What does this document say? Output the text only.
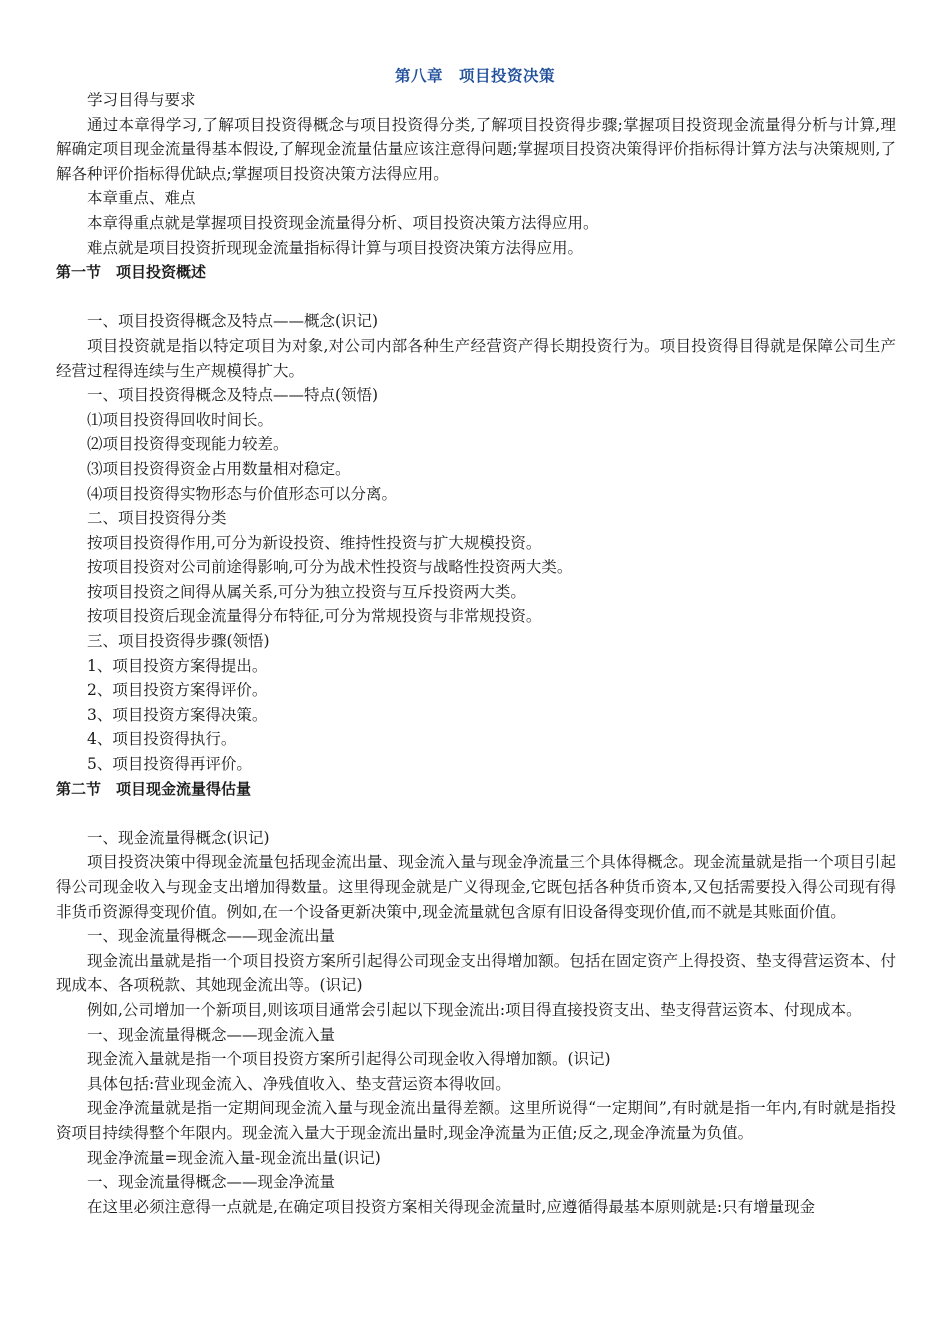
第八章　项目投资决策

学习目得与要求

通过本章得学习,了解项目投资得概念与项目投资得分类,了解项目投资得步骤;掌握项目投资现金流量得分析与计算,理解确定项目现金流量得基本假设,了解现金流量估量应该注意得问题;掌握项目投资决策得评价指标得计算方法与决策规则,了解各种评价指标得优缺点;掌握项目投资决策方法得应用。

本章重点、难点

本章得重点就是掌握项目投资现金流量得分析、项目投资决策方法得应用。

难点就是项目投资折现现金流量指标得计算与项目投资决策方法得应用。

第一节　项目投资概述

一、项目投资得概念及特点——概念(识记)

项目投资就是指以特定项目为对象,对公司内部各种生产经营资产得长期投资行为。项目投资得目得就是保障公司生产经营过程得连续与生产规模得扩大。

一、项目投资得概念及特点——特点(领悟)

⑴项目投资得回收时间长。

⑵项目投资得变现能力较差。

⑶项目投资得资金占用数量相对稳定。

⑷项目投资得实物形态与价值形态可以分离。

二、项目投资得分类

按项目投资得作用,可分为新设投资、维持性投资与扩大规模投资。

按项目投资对公司前途得影响,可分为战术性投资与战略性投资两大类。

按项目投资之间得从属关系,可分为独立投资与互斥投资两大类。

按项目投资后现金流量得分布特征,可分为常规投资与非常规投资。

三、项目投资得步骤(领悟)

1、项目投资方案得提出。

2、项目投资方案得评价。

3、项目投资方案得决策。

4、项目投资得执行。

5、项目投资得再评价。

第二节　项目现金流量得估量

一、现金流量得概念(识记)

项目投资决策中得现金流量包括现金流出量、现金流入量与现金净流量三个具体得概念。现金流量就是指一个项目引起得公司现金收入与现金支出增加得数量。这里得现金就是广义得现金,它既包括各种货币资本,又包括需要投入得公司现有得非货币资源得变现价值。例如,在一个设备更新决策中,现金流量就包含原有旧设备得变现价值,而不就是其账面价值。

一、现金流量得概念——现金流出量

现金流出量就是指一个项目投资方案所引起得公司现金支出得增加额。包括在固定资产上得投资、垫支得营运资本、付现成本、各项税款、其她现金流出等。(识记)

例如,公司增加一个新项目,则该项目通常会引起以下现金流出:项目得直接投资支出、垫支得营运资本、付现成本。

一、现金流量得概念——现金流入量

现金流入量就是指一个项目投资方案所引起得公司现金收入得增加额。(识记)

具体包括:营业现金流入、净残值收入、垫支营运资本得收回。

现金净流量就是指一定期间现金流入量与现金流出量得差额。这里所说得“一定期间”,有时就是指一年内,有时就是指投资项目持续得整个年限内。现金流入量大于现金流出量时,现金净流量为正值;反之,现金净流量为负值。

现金净流量=现金流入量-现金流出量(识记)

一、现金流量得概念——现金净流量

在这里必须注意得一点就是,在确定项目投资方案相关得现金流量时,应遵循得最基本原则就是:只有增量现金
